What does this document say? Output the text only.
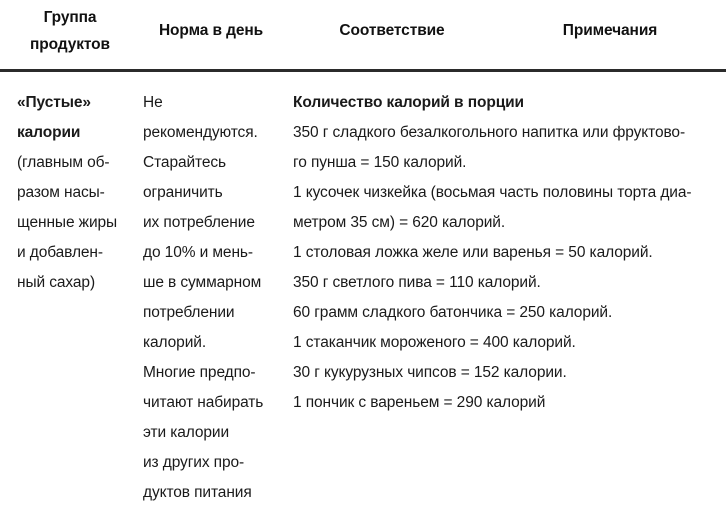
Группа
продуктов
Норма в день	Соответствие	Примечания
«Пустые»
калории
(главным об-
разом насы-
щенные жиры
и добавлен-
ный сахар)
Не
рекомендуются.
Старайтесь
ограничить
их потребление
до 10% и мень-
ше в суммарном
потреблении
калорий.
Многие предпо-
читают набирать
эти калории
из других про-
дуктов питания
Количество калорий в порции
350 г сладкого безалкогольного напитка или фруктово-
го пунша = 150 калорий.
1 кусочек чизкейка (восьмая часть половины торта диа-
метром 35 см) = 620 калорий.
1 столовая ложка желе или варенья = 50 калорий.
350 г светлого пива = 110 калорий.
60 грамм сладкого батончика = 250 калорий.
1 стаканчик мороженого = 400 калорий.
30 г кукурузных чипсов = 152 калории.
1 пончик с вареньем = 290 калорий
